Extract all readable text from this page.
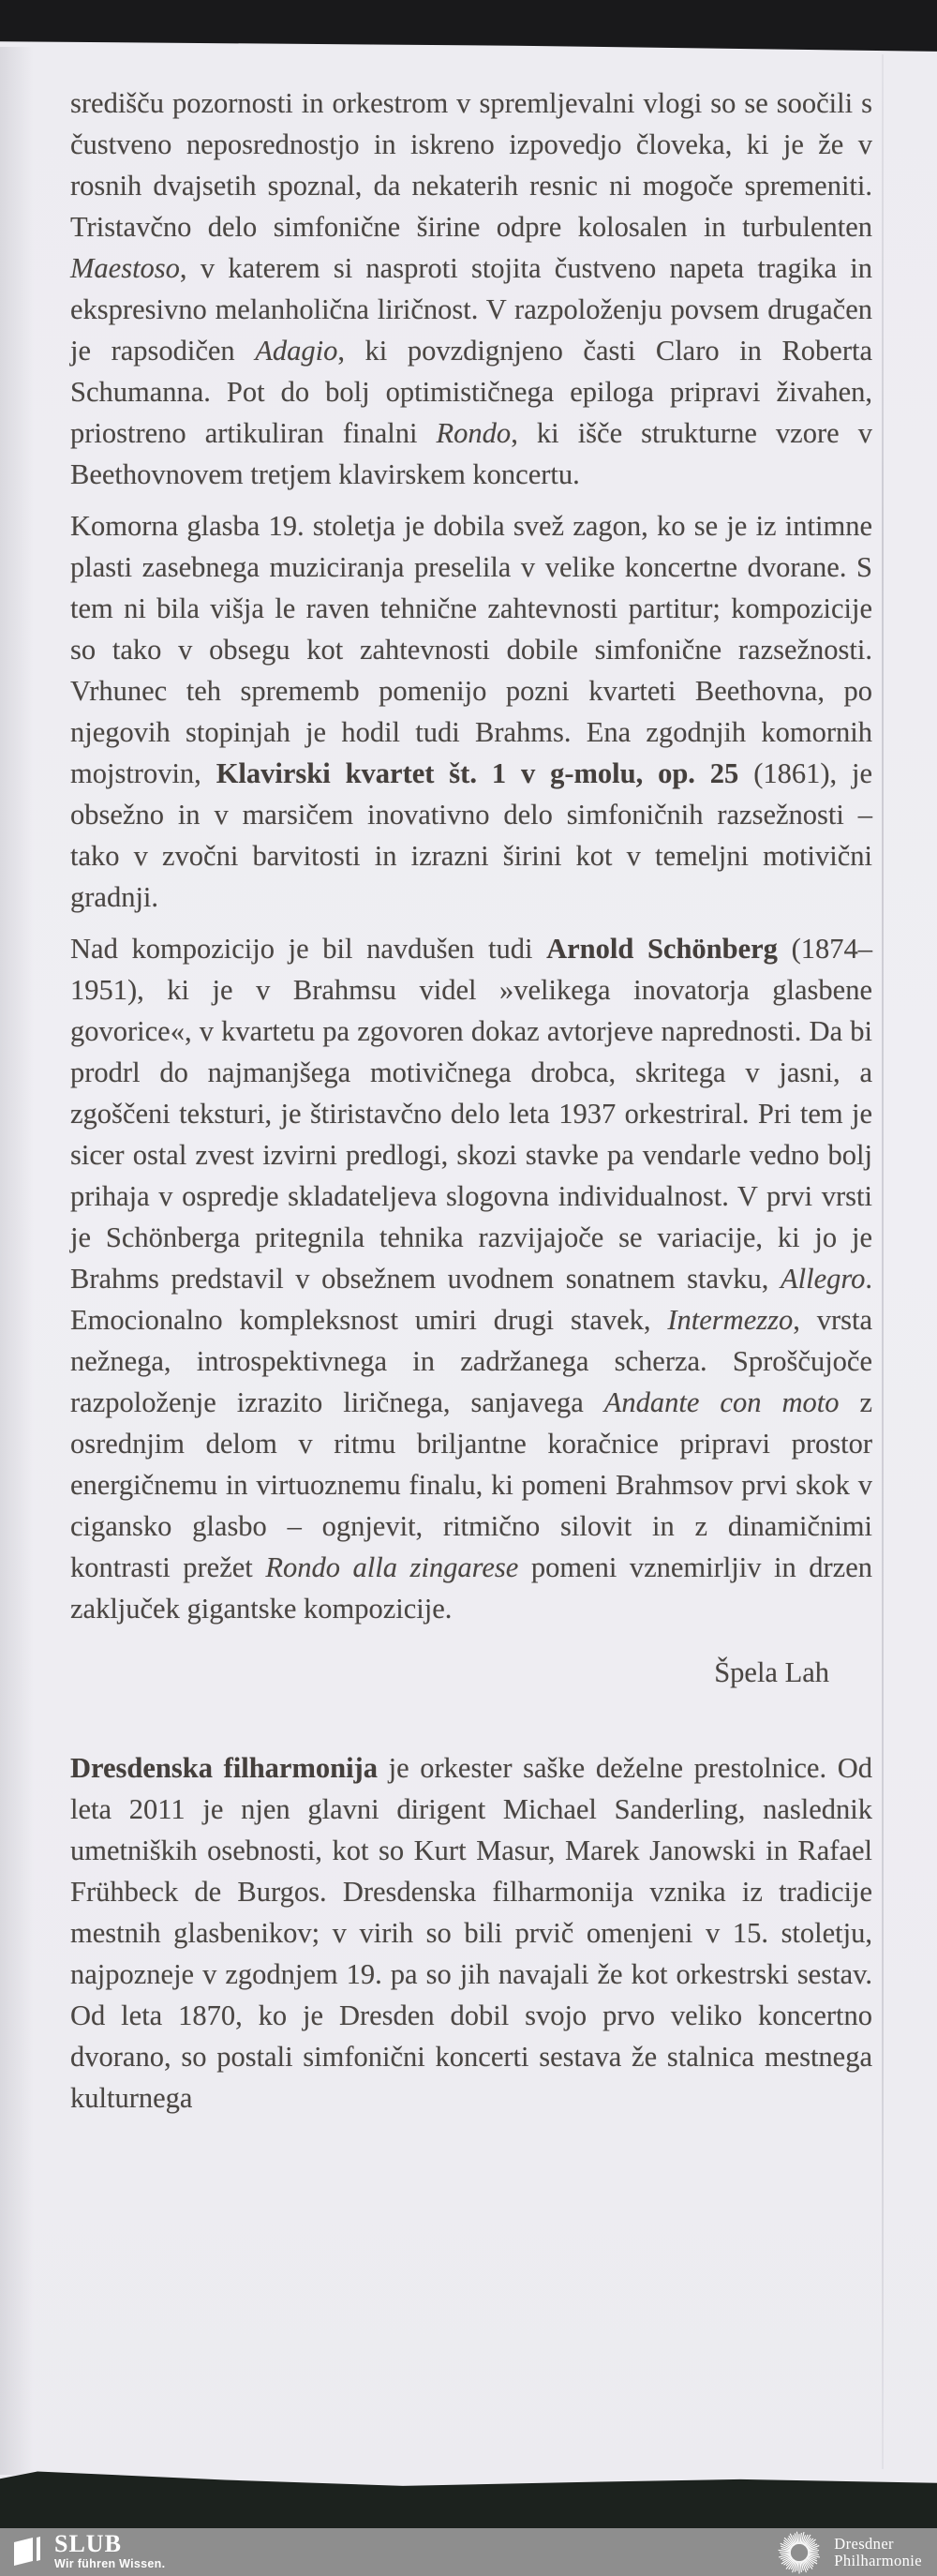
središču pozornosti in orkestrom v spremljevalni vlogi so se soočili s čustveno neposrednostjo in iskreno izpovedjo človeka, ki je že v rosnih dvajsetih spoznal, da nekaterih resnic ni mogoče spremeniti. Tristavčno delo simfonične širine odpre kolosalen in turbulenten Maestoso, v katerem si nasproti stojita čustveno napeta tragika in ekspresivno melanholična liričnost. V razpoloženju povsem drugačen je rapsodičen Adagio, ki povzdignjeno časti Claro in Roberta Schumanna. Pot do bolj optimističnega epiloga pripravi živahen, priostreno artikuliran finalni Rondo, ki išče strukturne vzore v Beethovnovem tretjem klavirskem koncertu.

Komorna glasba 19. stoletja je dobila svež zagon, ko se je iz intimne plasti zasebnega muziciranja preselila v velike koncertne dvorane. S tem ni bila višja le raven tehnične zahtevnosti partitur; kompozicije so tako v obsegu kot zahtevnosti dobile simfonične razsežnosti. Vrhunec teh sprememb pomenijo pozni kvarteti Beethovna, po njegovih stopinjah je hodil tudi Brahms. Ena zgodnjih komornih mojstrovin, Klavirski kvartet št. 1 v g-molu, op. 25 (1861), je obsežno in v marsičem inovativno delo simfoničnih razsežnosti – tako v zvočni barvitosti in izrazni širini kot v temeljni motivični gradnji.

Nad kompozicijo je bil navdušen tudi Arnold Schönberg (1874–1951), ki je v Brahmsu videl »velikega inovatorja glasbene govorice«, v kvartetu pa zgovoren dokaz avtorjeve naprednosti. Da bi prodrl do najmanjšega motivičnega drobca, skritega v jasni, a zgoščeni teksturi, je štiristavčno delo leta 1937 orkestriral. Pri tem je sicer ostal zvest izvirni predlogi, skozi stavke pa vendarle vedno bolj prihaja v ospredje skladateljeva slogovna individualnost. V prvi vrsti je Schönberga pritegnila tehnika razvijajoče se variacije, ki jo je Brahms predstavil v obsežnem uvodnem sonatnem stavku, Allegro. Emocionalno kompleksnost umiri drugi stavek, Intermezzo, vrsta nežnega, introspektivnega in zadržanega scherza. Sproščujoče razpoloženje izrazito liričnega, sanjavega Andante con moto z osrednjim delom v ritmu briljantne koračnice pripravi prostor energičnemu in virtuoznemu finalu, ki pomeni Brahmsov prvi skok v cigansko glasbo – ognjevit, ritmično silovit in z dinamičnimi kontrasti prežet Rondo alla zingarese pomeni vznemirljiv in drzen zaključek gigantske kompozicije.

Špela Lah

Dresdenska filharmonija je orkester saške deželne prestolnice. Od leta 2011 je njen glavni dirigent Michael Sanderling, naslednik umetniških osebnosti, kot so Kurt Masur, Marek Janowski in Rafael Frühbeck de Burgos. Dresdenska filharmonija vznika iz tradicije mestnih glasbenikov; v virih so bili prvič omenjeni v 15. stoletju, najpozneje v zgodnjem 19. pa so jih navajali že kot orkestrski sestav. Od leta 1870, ko je Dresden dobil svojo prvo veliko koncertno dvorano, so postali simfonični koncerti sestava že stalnica mestnega kulturnega

SLUB
Wir führen Wissen.
Dresdner
Philharmonie
